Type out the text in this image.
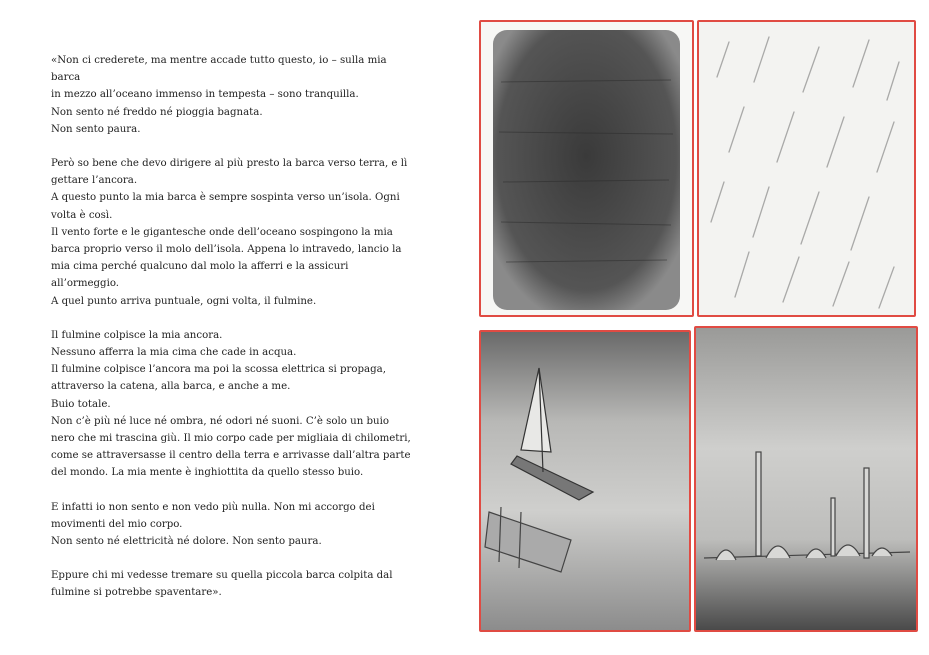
«Non ci crederete, ma mentre accade tutto questo, io – sulla mia barca

in mezzo all’oceano immenso in tempesta – sono tranquilla.

Non sento né freddo né pioggia bagnata.

Non sento paura.

Però so bene che devo dirigere al più presto la barca verso terra, e lì

gettare l’ancora.

A questo punto la mia barca è sempre sospinta verso un’isola. Ogni

volta è così.

Il vento forte e le gigantesche onde dell’oceano sospingono la mia

barca proprio verso il molo dell’isola. Appena lo intravedo, lancio la

mia cima perché qualcuno dal molo la afferri e la assicuri all’ormeggio.

A quel punto arriva puntuale, ogni volta, il fulmine.

Il fulmine colpisce la mia ancora.

Nessuno afferra la mia cima che cade in acqua.

Il fulmine colpisce l’ancora ma poi la scossa elettrica si propaga,

attraverso la catena, alla barca, e anche a me.

Buio totale.

Non c’è più né luce né ombra, né odori né suoni. C’è solo un buio

nero che mi trascina giù. Il mio corpo cade per migliaia di chilometri,

come se attraversasse il centro della terra e arrivasse dall’altra parte

del mondo. La mia mente è inghiottita da quello stesso buio.

E infatti io non sento e non vedo più nulla. Non mi accorgo dei

movimenti del mio corpo.

Non sento né elettricità né dolore. Non sento paura.

Eppure chi mi vedesse tremare su quella piccola barca colpita dal

fulmine si potrebbe spaventare».
